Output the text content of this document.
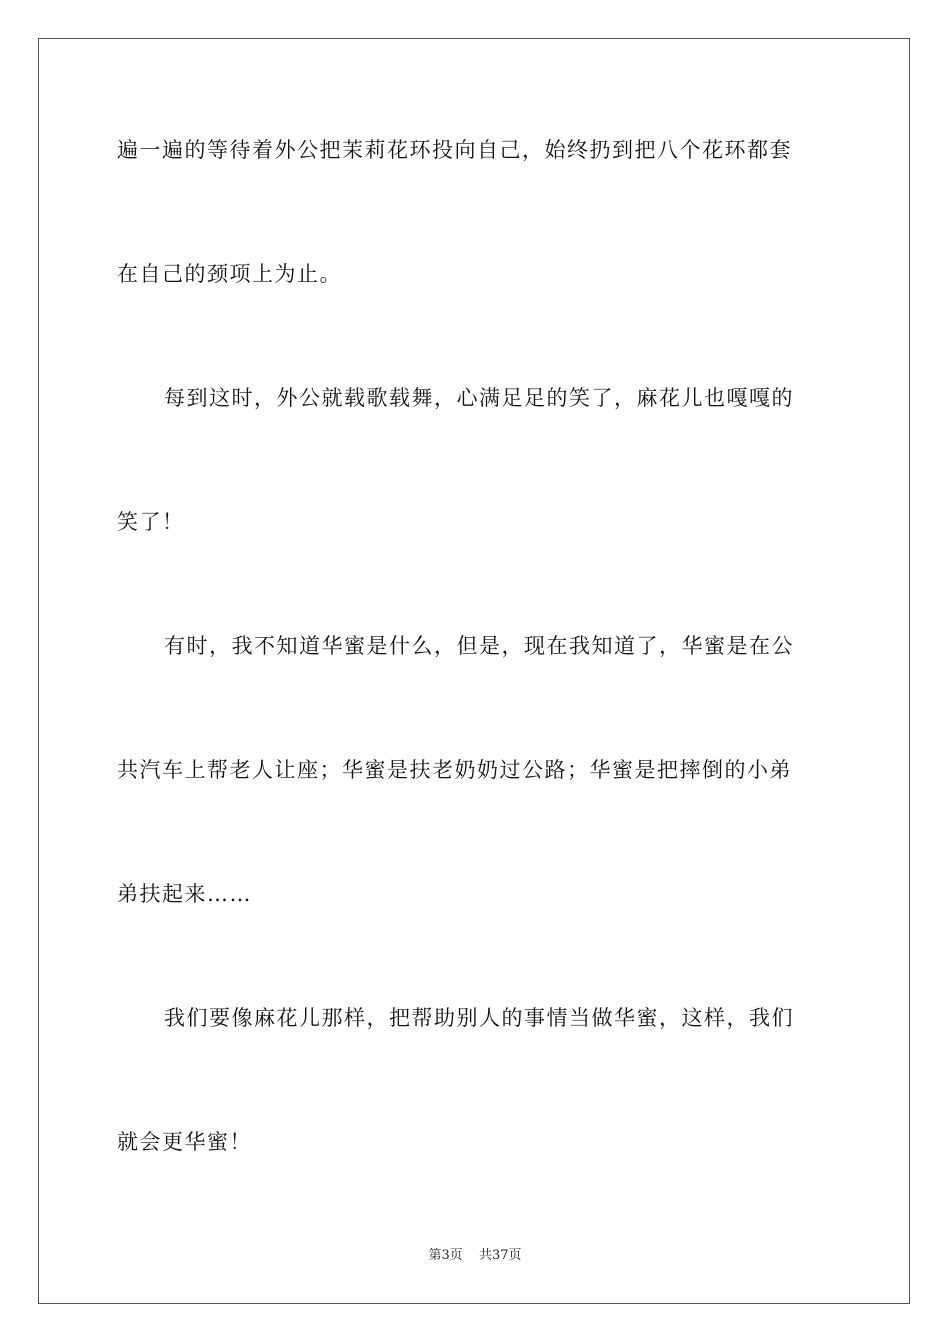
遍一遍的等待着外公把茉莉花环投向自己，始终扔到把八个花环都套
在自己的颈项上为止。
每到这时，外公就载歌载舞，心满足足的笑了，麻花儿也嘎嘎的
笑了！
有时，我不知道华蜜是什么，但是，现在我知道了，华蜜是在公
共汽车上帮老人让座；华蜜是扶老奶奶过公路；华蜜是把摔倒的小弟
弟扶起来……
我们要像麻花儿那样，把帮助别人的事情当做华蜜，这样，我们
就会更华蜜！
第3页 共37页
